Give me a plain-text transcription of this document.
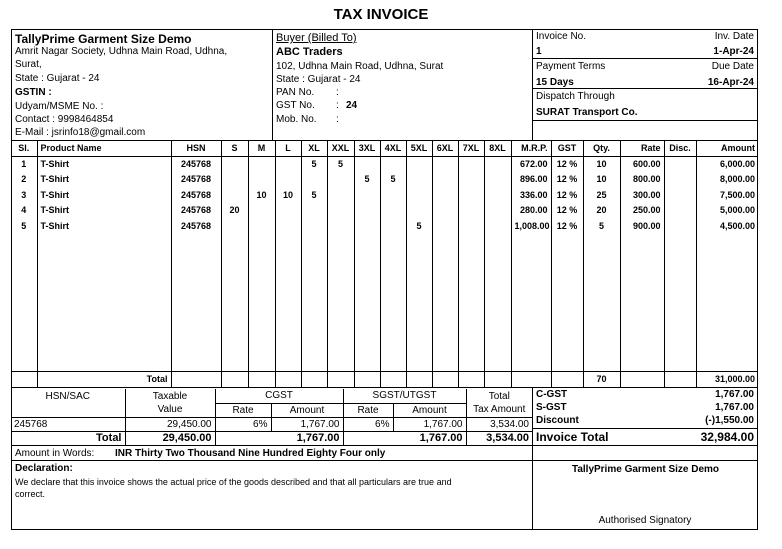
TAX INVOICE
TallyPrime Garment Size Demo
Amrit Nagar Society, Udhna Main Road, Udhna,
Surat,
State : Gujarat - 24
GSTIN :
Udyam/MSME No. :
Contact : 9998464854
E-Mail : jsrinfo18@gmail.com
Buyer (Billed To)
ABC Traders
102, Udhna Main Road, Udhna, Surat
State : Gujarat - 24
PAN No. :
GST No. : 24
Mob. No. :
Invoice No.	Inv. Date
1	1-Apr-24
Payment Terms	Due Date
15 Days	16-Apr-24
Dispatch Through
SURAT Transport Co.
Sl.	Product Name	HSN	S	M	L	XL	XXL	3XL	4XL	5XL	6XL	7XL	8XL	M.R.P.	GST	Qty.	Rate	Disc.	Amount
1	T-Shirt	245768				5	5							672.00	12 %	10	600.00		6,000.00
2	T-Shirt	245768						5	5					896.00	12 %	10	800.00		8,000.00
3	T-Shirt	245768		10	10	5								336.00	12 %	25	300.00		7,500.00
4	T-Shirt	245768	20											280.00	12 %	20	250.00		5,000.00
5	T-Shirt	245768								5				1,008.00	12 %	5	900.00		4,500.00

	Total															70			31,000.00
HSN/SAC	Taxable	CGST		SGST/UTGST		Total
	Value	Rate	Amount	Rate	Amount	Tax Amount
245768	29,450.00	6%	1,767.00	6%	1,767.00	3,534.00
Total	29,450.00		1,767.00		1,767.00	3,534.00
C-GST	1,767.00
S-GST	1,767.00
Discount	(-)1,550.00
Invoice Total	32,984.00
Amount in Words: INR Thirty Two Thousand Nine Hundred Eighty Four only
Declaration:
We declare that this invoice shows the actual price of the goods described and that all particulars are true and
correct.
TallyPrime Garment Size Demo
Authorised Signatory
